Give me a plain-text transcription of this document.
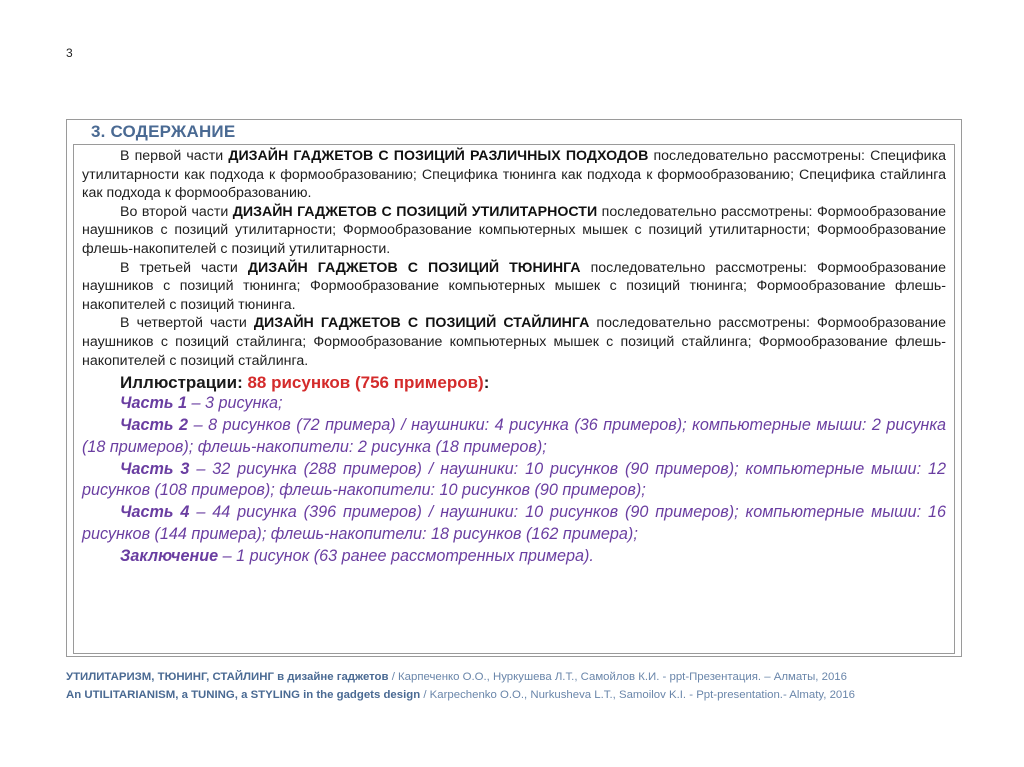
3
3. СОДЕРЖАНИЕ

В первой части ДИЗАЙН ГАДЖЕТОВ С ПОЗИЦИЙ РАЗЛИЧНЫХ ПОДХОДОВ последовательно рассмотрены: Специфика утилитарности как подхода к формообразованию; Специфика тюнинга как подхода к формообразованию; Специфика стайлинга как подхода к формообразованию.

Во второй части ДИЗАЙН ГАДЖЕТОВ С ПОЗИЦИЙ УТИЛИТАРНОСТИ последовательно рассмотрены: Формообразование наушников с позиций утилитарности; Формообразование компьютерных мышек с позиций утилитарности; Формообразование флешь-накопителей с позиций утилитарности.

В третьей части ДИЗАЙН ГАДЖЕТОВ С ПОЗИЦИЙ ТЮНИНГА последовательно рассмотрены: Формообразование наушников с позиций тюнинга; Формообразование компьютерных мышек с позиций тюнинга; Формообразование флешь-накопителей с позиций тюнинга.

В четвертой части ДИЗАЙН ГАДЖЕТОВ С ПОЗИЦИЙ СТАЙЛИНГА последовательно рассмотрены: Формообразование наушников с позиций стайлинга; Формообразование компьютерных мышек с позиций стайлинга; Формообразование флешь-накопителей с позиций стайлинга.

Иллюстрации: 88 рисунков (756 примеров):

Часть 1 – 3 рисунка;

Часть 2 – 8 рисунков (72 примера) / наушники: 4 рисунка (36 примеров); компьютерные мыши: 2 рисунка (18 примеров); флешь-накопители: 2 рисунка (18 примеров);

Часть 3 – 32 рисунка (288 примеров) / наушники: 10 рисунков (90 примеров); компьютерные мыши: 12 рисунков (108 примеров); флешь-накопители: 10 рисунков (90 примеров);

Часть 4 – 44 рисунка (396 примеров) / наушники: 10 рисунков (90 примеров); компьютерные мыши: 16 рисунков (144 примера); флешь-накопители: 18 рисунков (162 примера);

Заключение – 1 рисунок (63 ранее рассмотренных примера).

УТИЛИТАРИЗМ, ТЮНИНГ, СТАЙЛИНГ в дизайне гаджетов / Карпеченко О.О., Нуркушева Л.Т., Самойлов К.И. - ppt-Презентация. – Алматы, 2016
An UTILITARIANISM, a TUNING, a STYLING in the gadgets design / Karpechenko O.O., Nurkusheva L.T., Samoilov K.I. - Ppt-presentation.- Almaty, 2016
